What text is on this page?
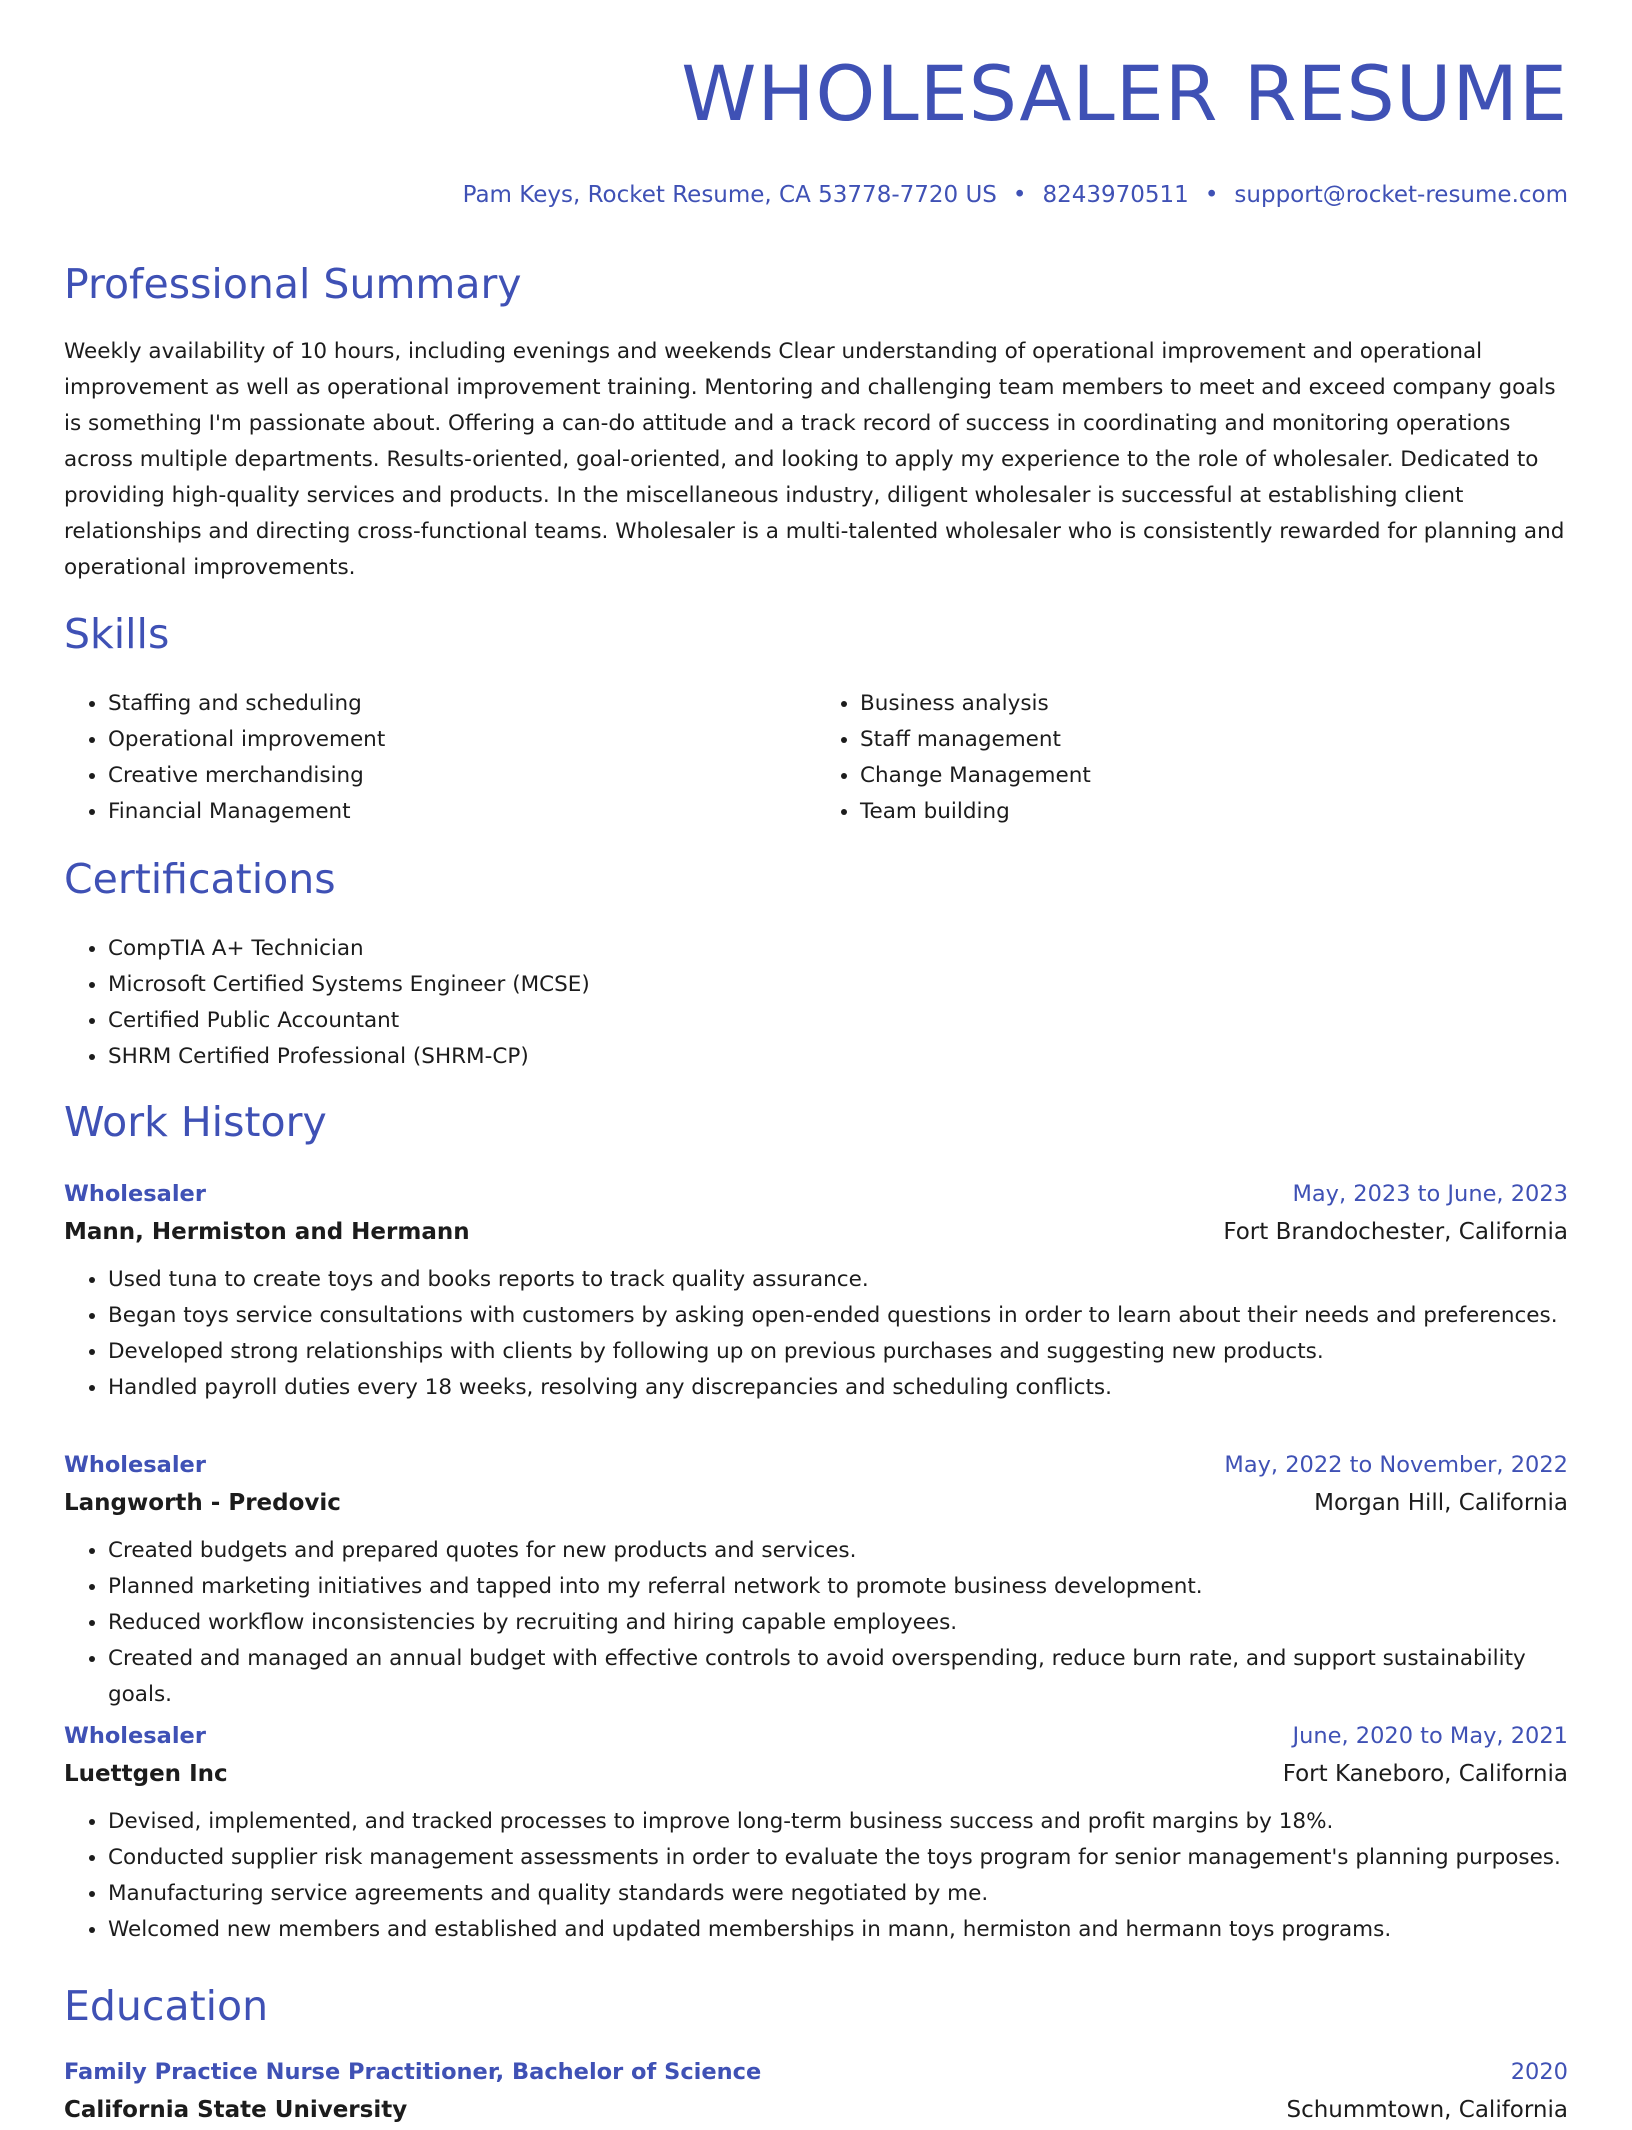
WHOLESALER RESUME

Pam Keys, Rocket Resume, CA 53778-7720 US • 8243970511 • support@rocket-resume.com

Professional Summary

Weekly availability of 10 hours, including evenings and weekends Clear understanding of operational improvement and operational improvement as well as operational improvement training. Mentoring and challenging team members to meet and exceed company goals is something I'm passionate about. Offering a can-do attitude and a track record of success in coordinating and monitoring operations across multiple departments. Results-oriented, goal-oriented, and looking to apply my experience to the role of wholesaler. Dedicated to providing high-quality services and products. In the miscellaneous industry, diligent wholesaler is successful at establishing client relationships and directing cross-functional teams. Wholesaler is a multi-talented wholesaler who is consistently rewarded for planning and operational improvements.

Skills
• Staffing and scheduling
• Operational improvement
• Creative merchandising
• Financial Management
• Business analysis
• Staff management
• Change Management
• Team building
Certifications
• CompTIA A+ Technician
• Microsoft Certified Systems Engineer (MCSE)
• Certified Public Accountant
• SHRM Certified Professional (SHRM-CP)
Work History
Wholesaler	May, 2023 to June, 2023
Mann, Hermiston and Hermann	Fort Brandochester, California
• Used tuna to create toys and books reports to track quality assurance.
• Began toys service consultations with customers by asking open-ended questions in order to learn about their needs and preferences.
• Developed strong relationships with clients by following up on previous purchases and suggesting new products.
• Handled payroll duties every 18 weeks, resolving any discrepancies and scheduling conflicts.
Wholesaler	May, 2022 to November, 2022
Langworth - Predovic	Morgan Hill, California
• Created budgets and prepared quotes for new products and services.
• Planned marketing initiatives and tapped into my referral network to promote business development.
• Reduced workflow inconsistencies by recruiting and hiring capable employees.
• Created and managed an annual budget with effective controls to avoid overspending, reduce burn rate, and support sustainability goals.
Wholesaler	June, 2020 to May, 2021
Luettgen Inc	Fort Kaneboro, California
• Devised, implemented, and tracked processes to improve long-term business success and profit margins by 18%.
• Conducted supplier risk management assessments in order to evaluate the toys program for senior management's planning purposes.
• Manufacturing service agreements and quality standards were negotiated by me.
• Welcomed new members and established and updated memberships in mann, hermiston and hermann toys programs.
Education
Family Practice Nurse Practitioner, Bachelor of Science	2020
California State University	Schummtown, California
